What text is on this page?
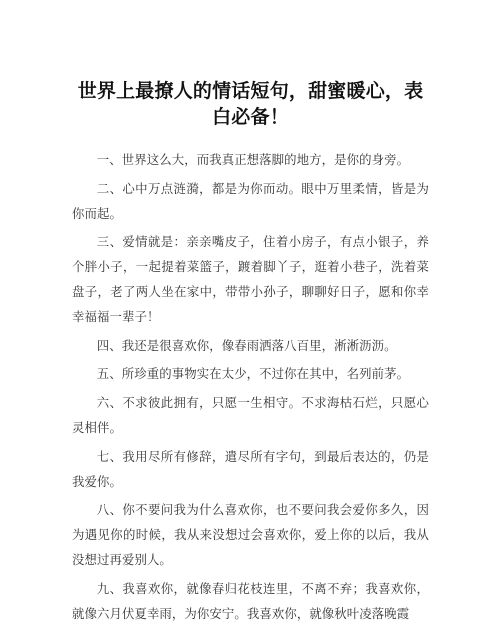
世界上最撩人的情话短句，甜蜜暖心，表白必备！

一、世界这么大，而我真正想落脚的地方，是你的身旁。

二、心中万点涟漪，都是为你而动。眼中万里柔情，皆是为你而起。

三、爱情就是：亲亲嘴皮子，住着小房子，有点小银子，养个胖小子，一起提着菜篮子，踱着脚丫子，逛着小巷子，洗着菜盘子，老了两人坐在家中，带带小孙子，聊聊好日子，愿和你幸幸福福一辈子！

四、我还是很喜欢你，像春雨洒落八百里，淅淅沥沥。

五、所珍重的事物实在太少，不过你在其中，名列前茅。

六、不求彼此拥有，只愿一生相守。不求海枯石烂，只愿心灵相伴。

七、我用尽所有修辞，遣尽所有字句，到最后表达的，仍是我爱你。

八、你不要问我为什么喜欢你，也不要问我会爱你多久，因为遇见你的时候，我从来没想过会喜欢你，爱上你的以后，我从没想过再爱别人。

九、我喜欢你，就像春归花枝连里，不离不弃；我喜欢你，就像六月伏夏幸雨，为你安宁。我喜欢你，就像秋叶凌落晚霞
